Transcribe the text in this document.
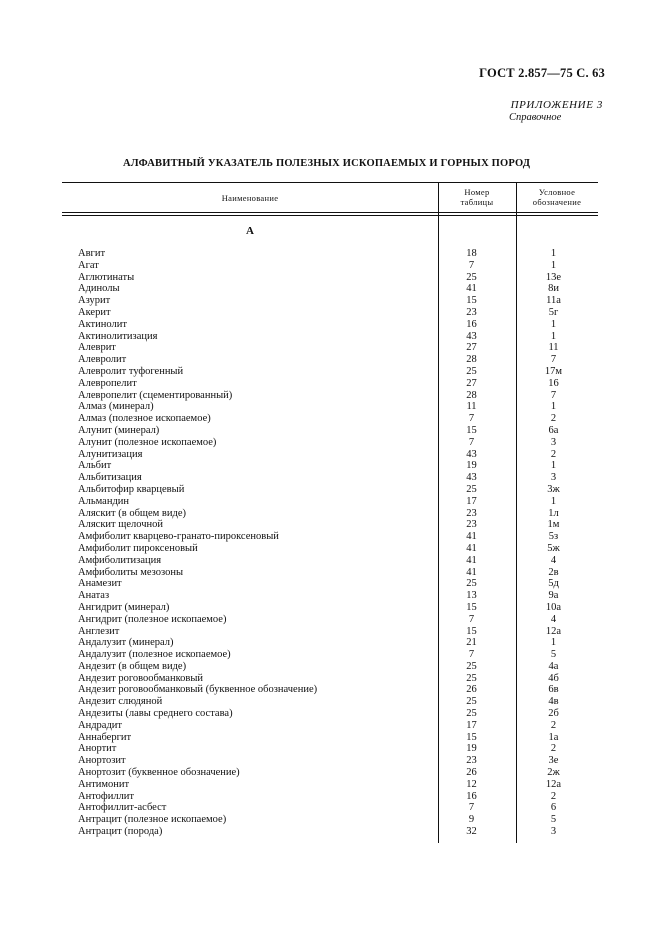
ГОСТ 2.857—75 С. 63
ПРИЛОЖЕНИЕ 3
Справочное
АЛФАВИТНЫЙ УКАЗАТЕЛЬ ПОЛЕЗНЫХ ИСКОПАЕМЫХ И ГОРНЫХ ПОРОД
Наименование
Номер
таблицы
Условное
обозначение
А
Авгит	18	1
Агат	7	1
Аглютинаты	25	13е
Адинолы	41	8и
Азурит	15	11а
Акерит	23	5г
Актинолит	16	1
Актинолитизация	43	1
Алеврит	27	11
Алевролит	28	7
Алевролит туфогенный	25	17м
Алевропелит	27	16
Алевропелит (сцементированный)	28	7
Алмаз (минерал)	11	1
Алмаз (полезное ископаемое)	7	2
Алунит (минерал)	15	6а
Алунит (полезное ископаемое)	7	3
Алунитизация	43	2
Альбит	19	1
Альбитизация	43	3
Альбитофир кварцевый	25	3ж
Альмандин	17	1
Аляскит (в общем виде)	23	1л
Аляскит щелочной	23	1м
Амфиболит кварцево-гранато-пироксеновый	41	5з
Амфиболит пироксеновый	41	5ж
Амфиболитизация	41	4
Амфиболиты мезозоны	41	2в
Анамезит	25	5д
Анатаз	13	9а
Ангидрит (минерал)	15	10а
Ангидрит (полезное ископаемое)	7	4
Англезит	15	12а
Андалузит (минерал)	21	1
Андалузит (полезное ископаемое)	7	5
Андезит (в общем виде)	25	4а
Андезит роговообманковый	25	4б
Андезит роговообманковый (буквенное обозначение)	26	6в
Андезит слюдяной	25	4в
Андезиты (лавы среднего состава)	25	2б
Андрадит	17	2
Аннабергит	15	1а
Анортит	19	2
Анортозит	23	3е
Анортозит (буквенное обозначение)	26	2ж
Антимонит	12	12а
Антофиллит	16	2
Антофиллит-асбест	7	6
Антрацит (полезное ископаемое)	9	5
Антрацит (порода)	32	3
